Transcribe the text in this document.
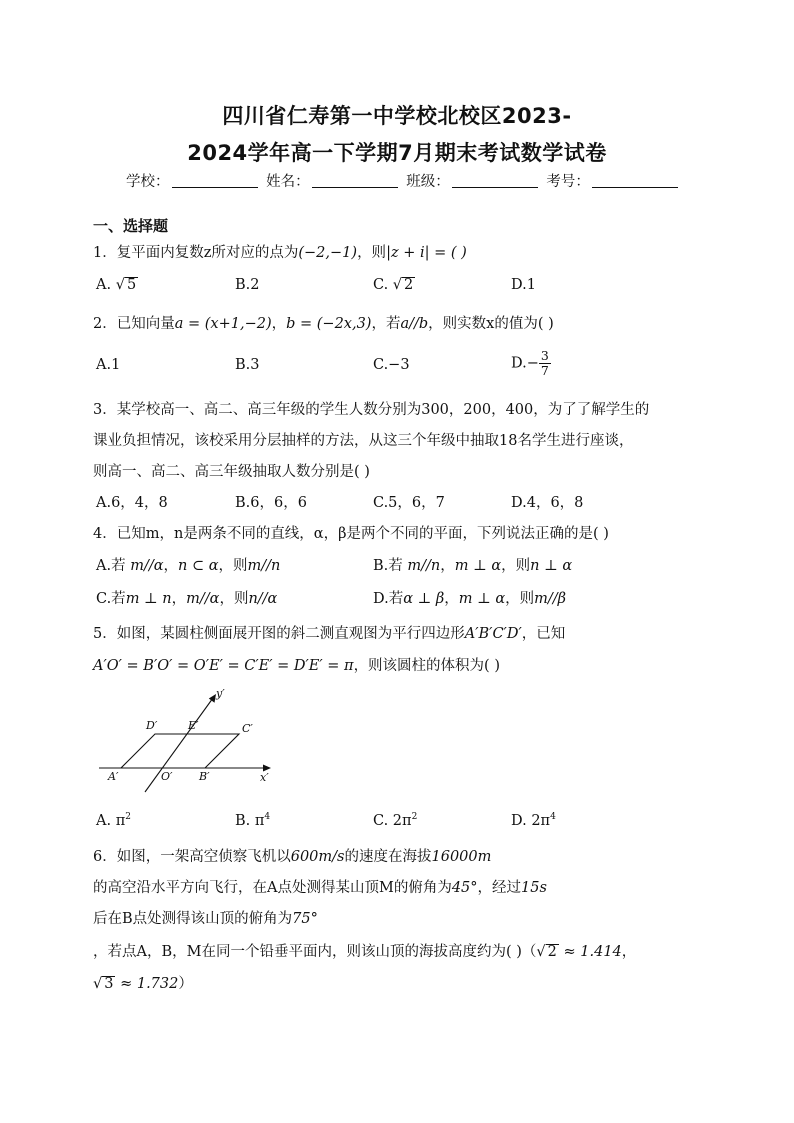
四川省仁寿第一中学校北校区2023-
2024学年高一下学期7月期末考试数学试卷
学校：	姓名：	班级：	考号：
一、选择题
1．复平面内复数z所对应的点为(−2,−1)，则|z + i| = ( )
A. √ 5	B.2	C. √ 2	D.1
2．已知向量a = (x+1,−2)，b = (−2x,3)，若a//b，则实数x的值为( )
A.1	B.3	C.−3	$D.- \frac{3}{7}$
3．某学校高一、高二、高三年级的学生人数分别为300，200，400，为了了解学生的
课业负担情况，该校采用分层抽样的方法，从这三个年级中抽取18名学生进行座谈，
则高一、高二、高三年级抽取人数分别是( )
A.6，4，8	B.6，6，6	C.5，6，7	D.4，6，8
4．已知m，n是两条不同的直线，α，β是两个不同的平面，下列说法正确的是( )
A.若 m//α，n ⊂ α，则m//n	B.若 m//n，m ⊥ α，则n ⊥ α
C.若m ⊥ n，m//α，则n//α	D.若α ⊥ β，m ⊥ α，则m//β
5．如图，某圆柱侧面展开图的斜二测直观图为平行四边形A′B′C′D′，已知
A′O′ = B′O′ = O′E′ = C′E′ = D′E′ = π，则该圆柱的体积为( )
y′
x′
A′	O′ B′
C′
D′	E′
A. $\pi^2$	B. $\pi^4$	C. $2\pi^2$	D. $2\pi^4$
6．如图，一架高空侦察飞机以600m/s的速度在海拔16000m
的高空沿水平方向飞行，在A点处测得某山顶M的俯角为45°，经过15s
后在B点处测得该山顶的俯角为75°
，若点A，B，M在同一个铅垂平面内，则该山顶的海拔高度约为( )（ √ 2 ≈ 1.414，
√ 3 ≈ 1.732）
